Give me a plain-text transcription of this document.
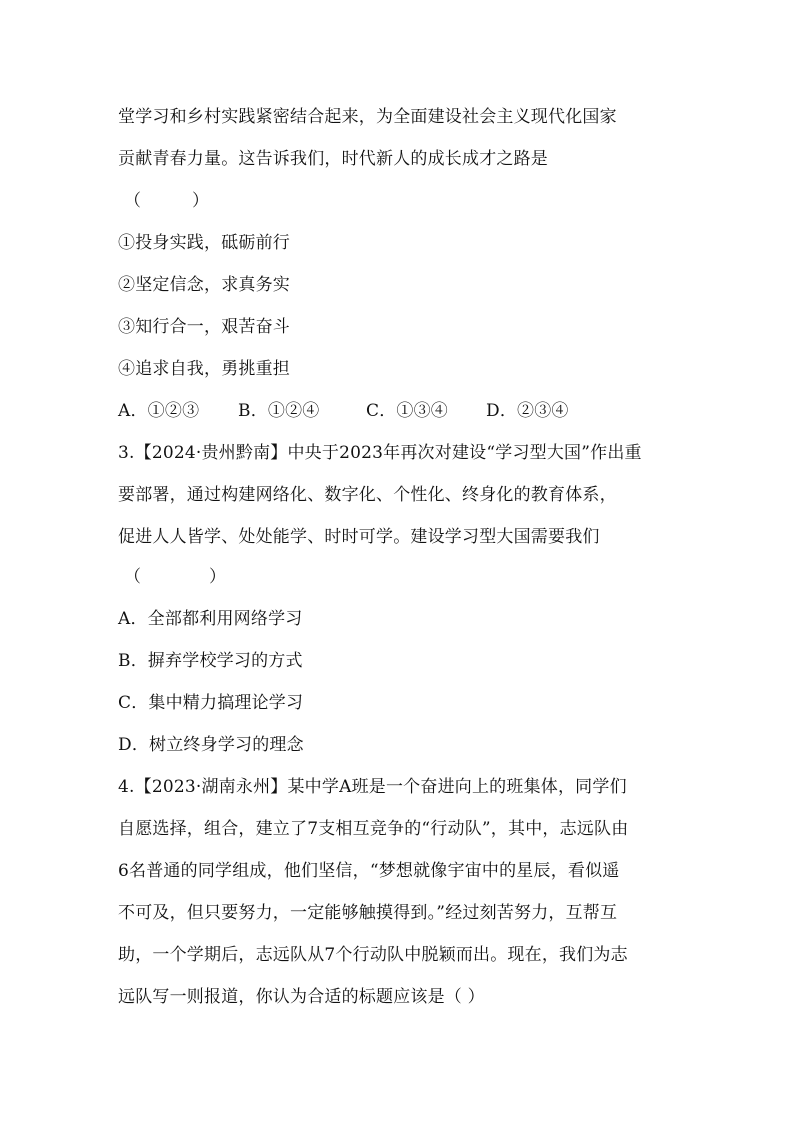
堂学习和乡村实践紧密结合起来，为全面建设社会主义现代化国家
贡献青春力量。这告诉我们，时代新人的成长成才之路是
（　　　）
①投身实践，砥砺前行
②坚定信念，求真务实
③知行合一，艰苦奋斗
④追求自我，勇挑重担
A．①②③ B．①②④	C．①③④ D．②③④
3.【2024·贵州黔南】中央于2023年再次对建设“学习型大国”作出重
要部署，通过构建网络化、数字化、个性化、终身化的教育体系，
促进人人皆学、处处能学、时时可学。建设学习型大国需要我们
（　　　　）
A．全部都利用网络学习
B．摒弃学校学习的方式
C．集中精力搞理论学习
D．树立终身学习的理念
4.【2023·湖南永州】某中学A班是一个奋进向上的班集体，同学们
自愿选择，组合，建立了7支相互竞争的“行动队”，其中，志远队由
6名普通的同学组成，他们坚信，“梦想就像宇宙中的星辰，看似遥
不可及，但只要努力，一定能够触摸得到。”经过刻苦努力，互帮互
助，一个学期后，志远队从7个行动队中脱颖而出。现在，我们为志
远队写一则报道，你认为合适的标题应该是（ ）
